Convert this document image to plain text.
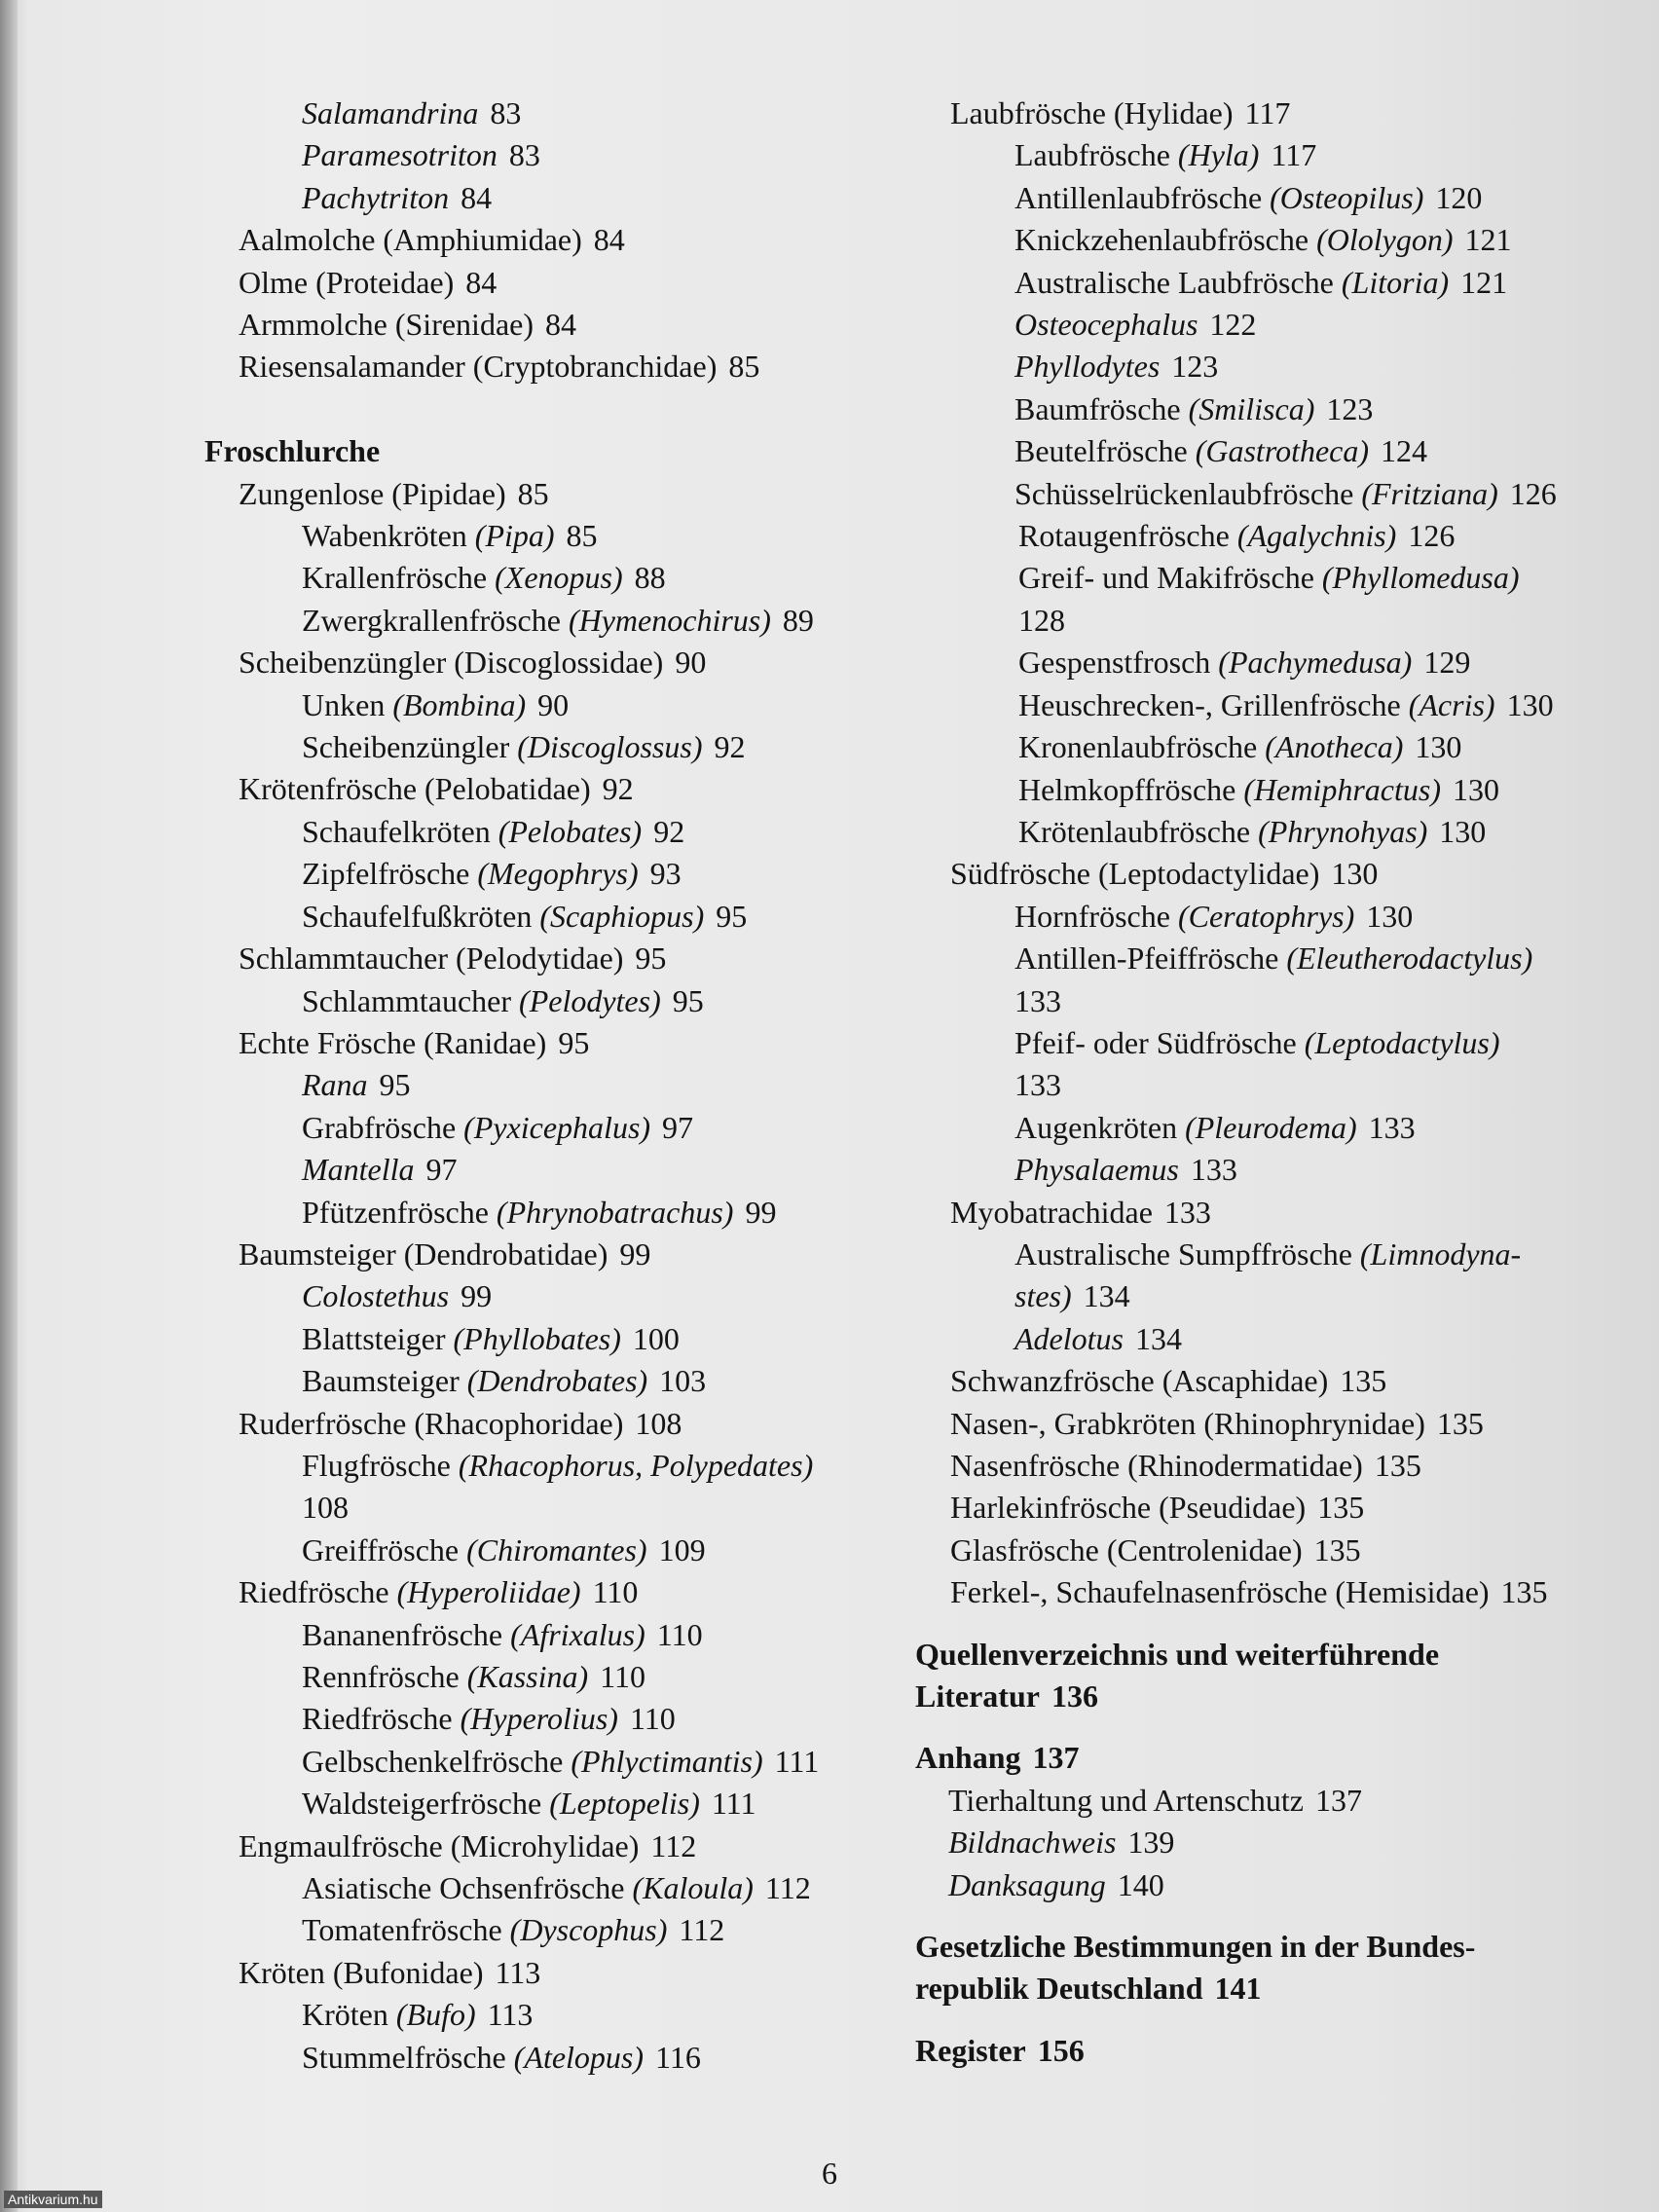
Salamandrina 83
Paramesotriton 83
Pachytriton 84
Aalmolche (Amphiumidae) 84
Olme (Proteidae) 84
Armmolche (Sirenidae) 84
Riesensalamander (Cryptobranchidae) 85
Froschlurche
Zungenlose (Pipidae) 85
Wabenkröten (Pipa) 85
Krallenfrösche (Xenopus) 88
Zwergkrallenfrösche (Hymenochirus) 89
Scheibenzüngler (Discoglossidae) 90
Unken (Bombina) 90
Scheibenzüngler (Discoglossus) 92
Krötenfrösche (Pelobatidae) 92
Schaufelkröten (Pelobates) 92
Zipfelfrösche (Megophrys) 93
Schaufelfußkröten (Scaphiopus) 95
Schlammtaucher (Pelodytidae) 95
Schlammtaucher (Pelodytes) 95
Echte Frösche (Ranidae) 95
Rana 95
Grabfrösche (Pyxicephalus) 97
Mantella 97
Pfützenfrösche (Phrynobatrachus) 99
Baumsteiger (Dendrobatidae) 99
Colostethus 99
Blattsteiger (Phyllobates) 100
Baumsteiger (Dendrobates) 103
Ruderfrösche (Rhacophoridae) 108
Flugfrösche (Rhacophorus, Polypedates)
108
Greiffrösche (Chiromantes) 109
Riedfrösche (Hyperoliidae) 110
Bananenfrösche (Afrixalus) 110
Rennfrösche (Kassina) 110
Riedfrösche (Hyperolius) 110
Gelbschenkelfrösche (Phlyctimantis) 111
Waldsteigerfrösche (Leptopelis) 111
Engmaulfrösche (Microhylidae) 112
Asiatische Ochsenfrösche (Kaloula) 112
Tomatenfrösche (Dyscophus) 112
Kröten (Bufonidae) 113
Kröten (Bufo) 113
Stummelfrösche (Atelopus) 116
Laubfrösche (Hylidae) 117
Laubfrösche (Hyla) 117
Antillenlaubfrösche (Osteopilus) 120
Knickzehenlaubfrösche (Ololygon) 121
Australische Laubfrösche (Litoria) 121
Osteocephalus 122
Phyllodytes 123
Baumfrösche (Smilisca) 123
Beutelfrösche (Gastrotheca) 124
Schüsselrückenlaubfrösche (Fritziana) 126
Rotaugenfrösche (Agalychnis) 126
Greif- und Makifrösche (Phyllomedusa)
128
Gespenstfrosch (Pachymedusa) 129
Heuschrecken-, Grillenfrösche (Acris) 130
Kronenlaubfrösche (Anotheca) 130
Helmkopffrösche (Hemiphractus) 130
Krötenlaubfrösche (Phrynohyas) 130
Südfrösche (Leptodactylidae) 130
Hornfrösche (Ceratophrys) 130
Antillen-Pfeiffrösche (Eleutherodactylus)
133
Pfeif- oder Südfrösche (Leptodactylus)
133
Augenkröten (Pleurodema) 133
Physalaemus 133
Myobatrachidae 133
Australische Sumpffrösche (Limnodyna-
stes) 134
Adelotus 134
Schwanzfrösche (Ascaphidae) 135
Nasen-, Grabkröten (Rhinophrynidae) 135
Nasenfrösche (Rhinodermatidae) 135
Harlekinfrösche (Pseudidae) 135
Glasfrösche (Centrolenidae) 135
Ferkel-, Schaufelnasenfrösche (Hemisidae) 135
Quellenverzeichnis und weiterführende
Literatur 136
Anhang 137
Tierhaltung und Artenschutz 137
Bildnachweis 139
Danksagung 140
Gesetzliche Bestimmungen in der Bundes-
republik Deutschland 141
Register 156
6
Antikvarium.hu
